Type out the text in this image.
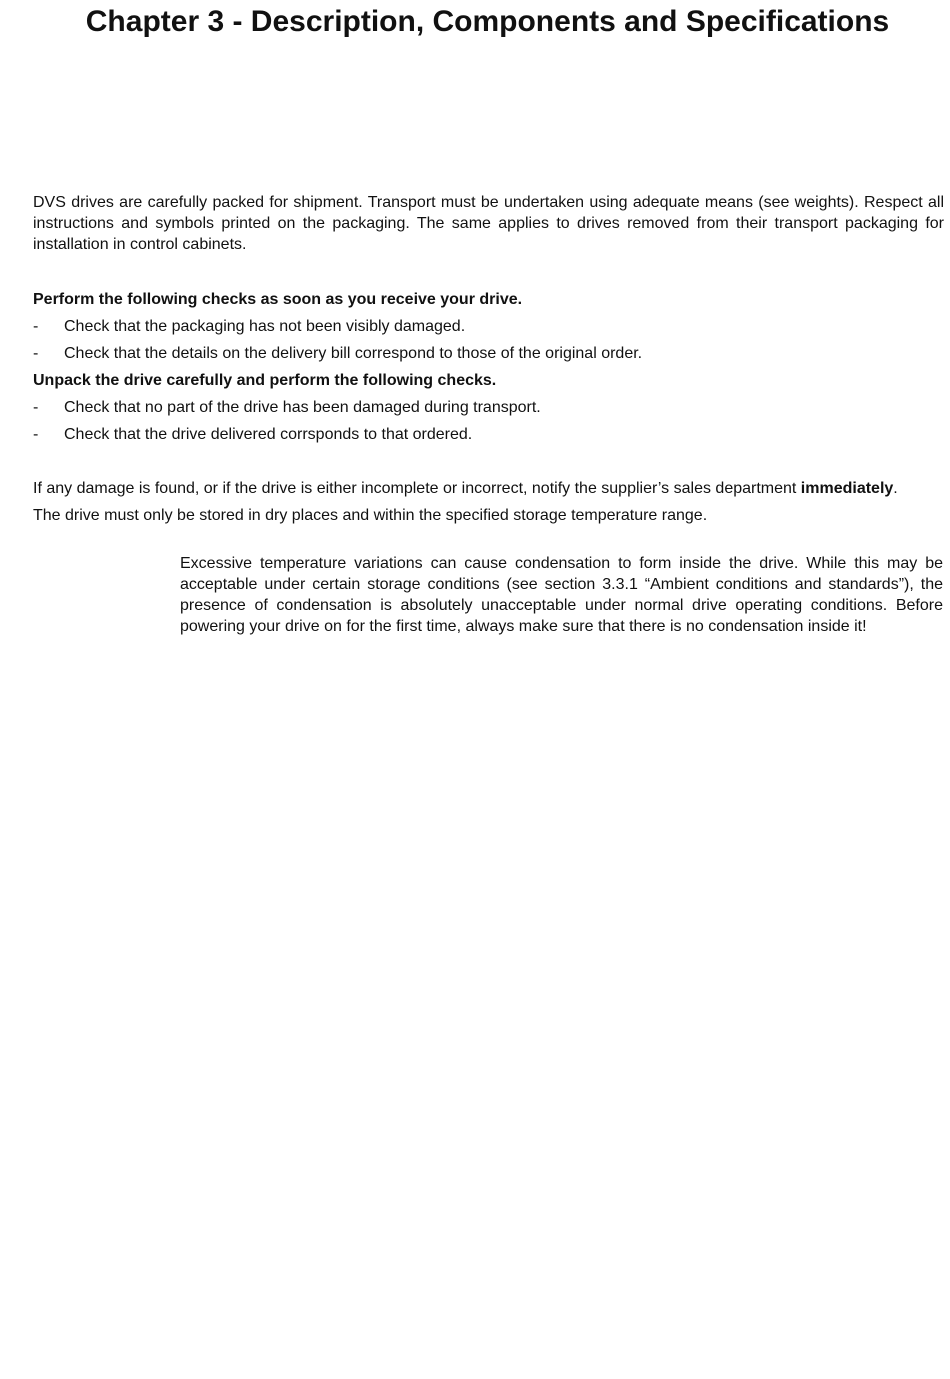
Chapter 3 - Description, Components and Specifications

DVS drives are carefully packed for shipment. Transport must be undertaken using adequate means (see weights). Respect all instructions and symbols printed on the packaging. The same applies to drives removed from their transport packaging for installation in control cabinets.

Perform the following checks as soon as you receive your drive.

- Check that the packaging has not been visibly damaged.
- Check that the details on the delivery bill correspond to those of the original order.

Unpack the drive carefully and perform the following checks.

- Check that no part of the drive has been damaged during transport.
- Check that the drive delivered corrsponds to that ordered.

If any damage is found, or if the drive is either incomplete or incorrect, notify the supplier’s sales department immediately.

The drive must only be stored in dry places and within the specified storage temperature range.

Excessive temperature variations can cause condensation to form inside the drive. While this may be acceptable under certain storage conditions (see section 3.3.1 “Ambient conditions and standards”), the presence of condensation is absolutely unacceptable under normal drive operating conditions. Before powering your drive on for the first time, always make sure that there is no condensation inside it!
